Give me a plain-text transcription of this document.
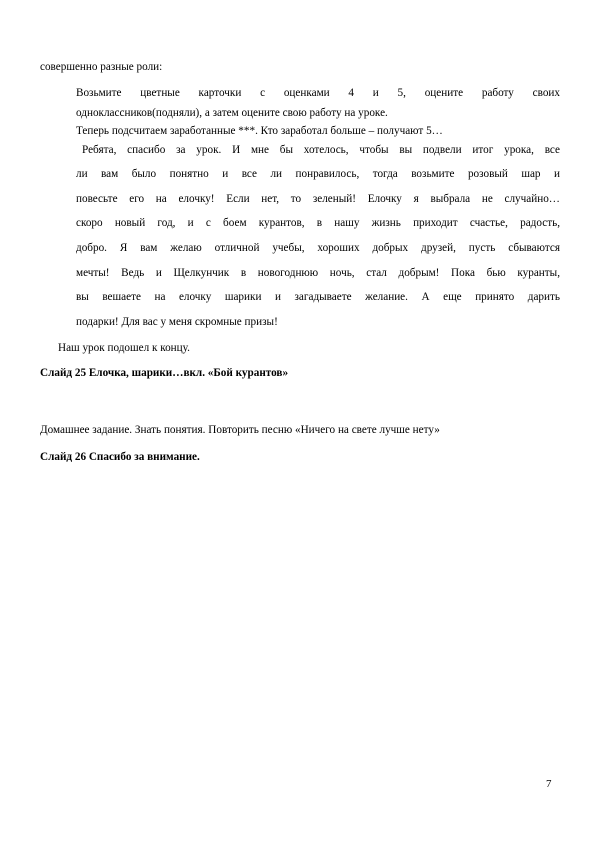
совершенно разные роли:
Возьмите цветные карточки с оценками 4 и 5, оцените работу своих
одноклассников(подняли), а затем оцените свою работу на уроке.
Теперь подсчитаем заработанные ***. Кто заработал больше – получают 5…
Ребята, спасибо за урок. И мне бы хотелось, чтобы вы подвели итог урока, все
ли вам было понятно и все ли понравилось, тогда возьмите розовый шар и
повесьте его на елочку! Если нет, то зеленый! Елочку я выбрала не случайно…
скоро новый год, и с боем курантов, в нашу жизнь приходит счастье, радость,
добро. Я вам желаю отличной учебы, хороших добрых друзей, пусть сбываются
мечты! Ведь и Щелкунчик в новогоднюю ночь, стал добрым! Пока бью куранты,
вы вешаете на елочку шарики и загадываете желание. А еще принято дарить
подарки! Для вас у меня скромные призы!
Наш урок подошел к концу.
Слайд 25 Елочка, шарики…вкл. «Бой курантов»
Домашнее задание. Знать понятия. Повторить песню «Ничего на свете лучше нету»
Слайд 26 Спасибо за внимание.
7
